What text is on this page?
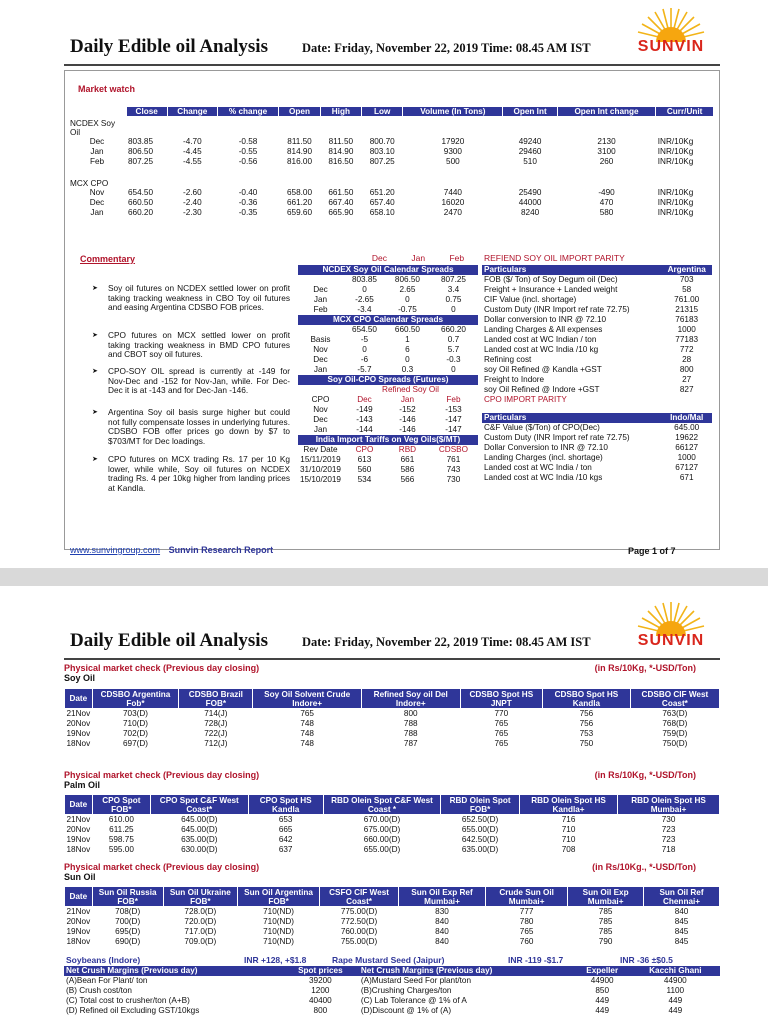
Daily Edible oil Analysis	Date: Friday, November 22, 2019 Time: 08.45 AM IST	SUNVIN
Market watch
	Close	Change	% change	Open	High	Low	Volume (In Tons)	Open Int	Open Int change	Curr/Unit
NCDEX Soy Oil										
Dec	803.85	-4.70	-0.58	811.50	811.50	800.70	17920	49240	2130	INR/10Kg
Jan	806.50	-4.45	-0.55	814.90	814.90	803.10	9300	29460	3100	INR/10Kg
Feb	807.25	-4.55	-0.56	816.00	816.50	807.25	500	510	260	INR/10Kg

MCX CPO										
Nov	654.50	-2.60	-0.40	658.00	661.50	651.20	7440	25490	-490	INR/10Kg
Dec	660.50	-2.40	-0.36	661.20	667.40	657.40	16020	44000	470	INR/10Kg
Jan	660.20	-2.30	-0.35	659.60	665.90	658.10	2470	8240	580	INR/10Kg
Commentary
➤ Soy oil futures on NCDEX settled lower on profit taking tracking weakness in CBO Toy oil futures and easing Argentina CDSBO FOB prices.
➤ CPO futures on MCX settled lower on profit taking tracking weakness in BMD CPO futures and CBOT soy oil futures.
➤ CPO-SOY OIL spread is currently at -149 for Nov-Dec and -152 for Nov-Jan, while. For Dec-Dec it is at -143 and for Dec-Jan -146.
➤ Argentina Soy oil basis surge higher but could not fully compensate losses in underlying futures. CDSBO FOB offer prices go down by $7 to $703/MT for Dec loadings.
➤ CPO futures on MCX trading Rs. 17 per 10 Kg lower, while while, Soy oil futures on NCDEX trading Rs. 4 per 10kg higher from landing prices at Kandla.
Dec	Jan	Feb
NCDEX Soy Oil Calendar Spreads			
	803.85	806.50	807.25
Dec	0	2.65	3.4
Jan	-2.65	0	0.75
Feb	-3.4	-0.75	0
MCX CPO Calendar Spreads			
	654.50	660.50	660.20
Basis	-5	1	0.7
Nov	0	6	5.7
Dec	-6	0	-0.3
Jan	-5.7	0.3	0
Soy Oil-CPO Spreads (Futures)			
	Refined Soy Oil		
CPO	Dec	Jan	Feb
Nov	-149	-152	-153
Dec	-143	-146	-147
Jan	-144	-146	-147
India Import Tariffs on Veg Oils($/MT)			
Rev Date	CPO	RBD	CDSBO
15/11/2019	613	661	761
31/10/2019	560	586	743
15/10/2019	534	566	730
REFIEND SOY OIL IMPORT PARITY
Particulars	Argentina
FOB ($/ Ton) of Soy Degum oil (Dec)	703
Freight + Insurance + Landed weight	58
CIF Value (incl. shortage)	761.00
Custom Duty (INR Import ref rate 72.75)	21315
Dollar conversion to INR @ 72.10	76183
Landing Charges & All expenses	1000
Landed cost at WC Indian / ton	77183
Landed cost at WC India /10 kg	772
Refining cost	28
soy Oil Refined @ Kandla +GST	800
Freight to Indore	27
soy Oil Refined @ Indore +GST	827
CPO IMPORT PARITY	

Particulars	Indo/Mal
C&F Value ($/Ton) of CPO(Dec)	645.00
Custom Duty (INR Import ref rate 72.75)	19622
Dollar Conversion to INR @ 72.10	66127
Landing Charges (incl. shortage)	1000
Landed cost at WC India / ton	67127
Landed cost at WC India /10 kgs	671
www.sunvingroup.com Sunvin Research Report	Page 1 of 7
Daily Edible oil Analysis	Date: Friday, November 22, 2019 Time: 08.45 AM IST	SUNVIN
Physical market check (Previous day closing)	(in Rs/10Kg, *-USD/Ton)
Soy Oil
Date	CDSBO Argentina Fob*	CDSBO Brazil FOB*	Soy Oil Solvent Crude Indore+	Refined Soy oil Del Indore+	CDSBO Spot HS JNPT	CDSBO Spot HS Kandla	CDSBO CIF West Coast*
21Nov	703(D)	714(J)	765	800	770	756	763(D)
20Nov	710(D)	728(J)	748	788	765	756	768(D)
19Nov	702(D)	722(J)	748	788	765	753	759(D)
18Nov	697(D)	712(J)	748	787	765	750	750(D)
Physical market check (Previous day closing)	(in Rs/10Kg, *-USD/Ton)
Palm Oil
Date	CPO Spot FOB*	CPO Spot C&F West Coast*	CPO Spot HS Kandla	RBD Olein Spot C&F West Coast *	RBD Olein Spot FOB*	RBD Olein Spot HS Kandla+	RBD Olein Spot HS Mumbai+
21Nov	610.00	645.00(D)	653	670.00(D)	652.50(D)	716	730
20Nov	611.25	645.00(D)	665	675.00(D)	655.00(D)	710	723
19Nov	598.75	635.00(D)	642	660.00(D)	642.50(D)	710	723
18Nov	595.00	630.00(D)	637	655.00(D)	635.00(D)	708	718
Physical market check (Previous day closing)	(in Rs/10Kg., *-USD/Ton)
Sun Oil
Date	Sun Oil Russia FOB*	Sun Oil Ukraine FOB*	Sun Oil Argentina FOB*	CSFO CIF West Coast*	Sun Oil Exp Ref Mumbai+	Crude Sun Oil Mumbai+	Sun Oil Exp Mumbai+	Sun Oil Ref Chennai+
21Nov	708(D)	728.0(D)	710(ND)	775.00(D)	830	777	785	840
20Nov	700(D)	720.0(D)	710(ND)	772.50(D)	840	780	785	845
19Nov	695(D)	717.0(D)	710(ND)	760.00(D)	840	765	785	845
18Nov	690(D)	709.0(D)	710(ND)	755.00(D)	840	760	790	845
Soybeans (Indore)	INR +128, +$1.8	Rape Mustard Seed (Jaipur)	INR -119 -$1.7	INR -36 ±$0.5
Net Crush Margins (Previous day)	Spot prices	Net Crush Margins (Previous day)	Expeller	Kacchi Ghani
(A)Bean For Plant/ ton	39200	(A)Mustard Seed For plant/ton	44900	44900
(B) Crush cost/ton	1200	(B)Crushing Charges/ton	850	1100
(C) Total cost to crusher/ton (A+B)	40400	(C) Lab Tolerance @ 1% of A	449	449
(D) Refined oil Excluding GST/10kgs	800	(D)Discount @ 1% of (A)	449	449
